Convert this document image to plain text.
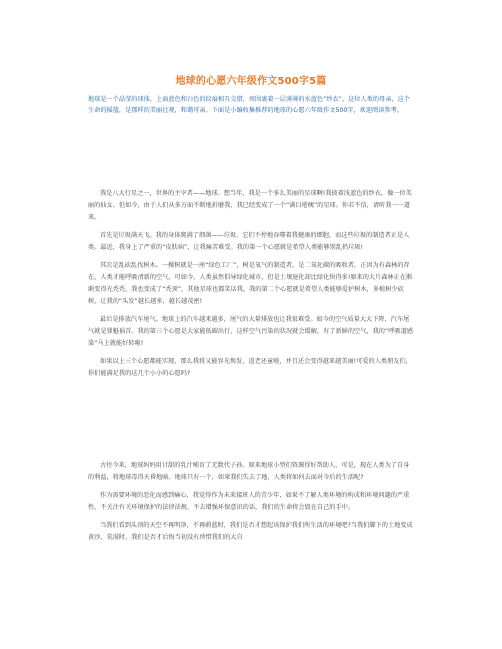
地球的心愿六年级作文500字5篇
地球是一个晶莹的球体，上面蓝色和白色的纹痕相互交错，周围裹着一层薄薄的水蓝色“纱衣”。这位人类的母亲，这个生命的摇篮，是那样的美丽壮观，和蔼可亲。下面是小编收集推荐的地球的心愿六年级作文500字，欢迎阅读参考。

我是八大行星之一，世界的主宰者——地球。想当年，我是一个多么美丽的星球啊!我披着浅蓝色的纱衣，像一位美丽的仙女。但如今，由于人们从多方面不断地折磨我，我已经变成了一个“满目疮痍”的星球。你若不信，请听我一一道来。

首先是垃圾满天飞。我的身体爬满了细菌——垃圾，它们不停地吞噬着我健康的细胞，而这些垃圾的制造者正是人类。最近，我身上了严重的“皮肤病”，让我痛苦难受。我的第一个心愿就是希望人类能够别乱扔垃圾!

其次是乱砍乱伐树木。一棵树就是一座“绿色工厂”，树是氧气的制造者，是二氧化碳的吸收者，正因为有森林的存在，人类才能呼吸清新的空气。可如今，人类虽然倡导绿化城市，但是土壤退化却比绿化快得多!原来的大片森林正在渐渐变得光秃秃，我也变成了“秃顶”，其他星球也都笑话我。我的第二个心愿就是希望人类能够爱护树木，多植树少砍树，让我的“头发”越长越多，越长越茂密!

最后是排放汽车尾气。地球上的汽车越来越多，尾气的大量排放也让我很难受。如今的空气质量大大下降，汽车尾气就是罪魁祸首。我的第三个心愿是大家能低碳出行，这样空气污染的状况就会缓解，有了新鲜的空气，我的“呼吸道感染”马上就能好转啦!

如果以上三个心愿都能实现，那么我将又能容光焕发，返老还童啦，并且还会变得越来越美丽!可爱的人类朋友们，你们能满足我的这几个小小的心愿吗?

古往今来，地球妈妈用甘甜的乳汁哺育了无数代子孙。原来地球小型们资源得好帮助人，可是，现在人类为了自身的利益，将地球毒得天昏地暗。地球只有一个，如果我们失去了地，人类将如何去面对今后的生活呢?

作为需要环境的恶化而感到痛心，我觉得作为未来接班人的青少年，如果不了解人类环境的构成和环境问题的严重性，不关注有关环境保护的法律法规，不去增强环保意识的话，我们的生命将会毁在自己的手中。

当我们看到头顶的天空不再明净，不再蔚蓝时，我们是否才想起该保护我们所生活的环境吧?当我们脚下的土地变成黄沙、荒漠时，我们是否才后悔当初没有珍惜我们的大自
